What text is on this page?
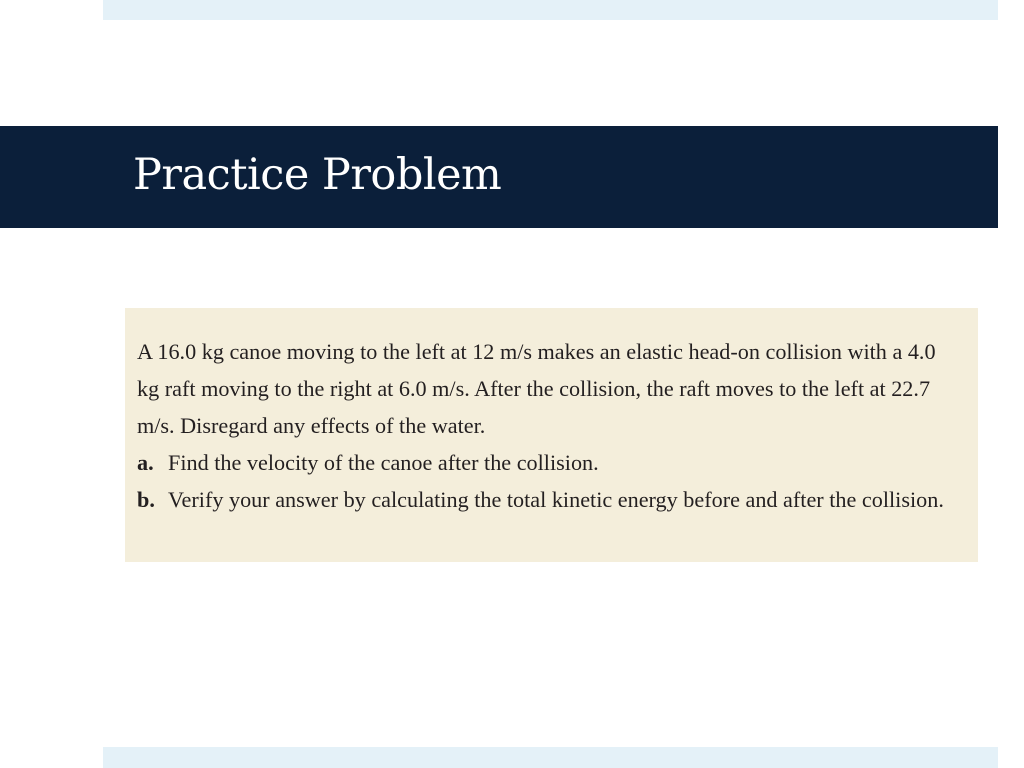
Practice Problem

A 16.0 kg canoe moving to the left at 12 m/s makes an elastic head-on collision with a 4.0 kg raft moving to the right at 6.0 m/s. After the collision, the raft moves to the left at 22.7 m/s. Disregard any effects of the water.

a. Find the velocity of the canoe after the collision.

b. Verify your answer by calculating the total kinetic energy before and after the collision.
